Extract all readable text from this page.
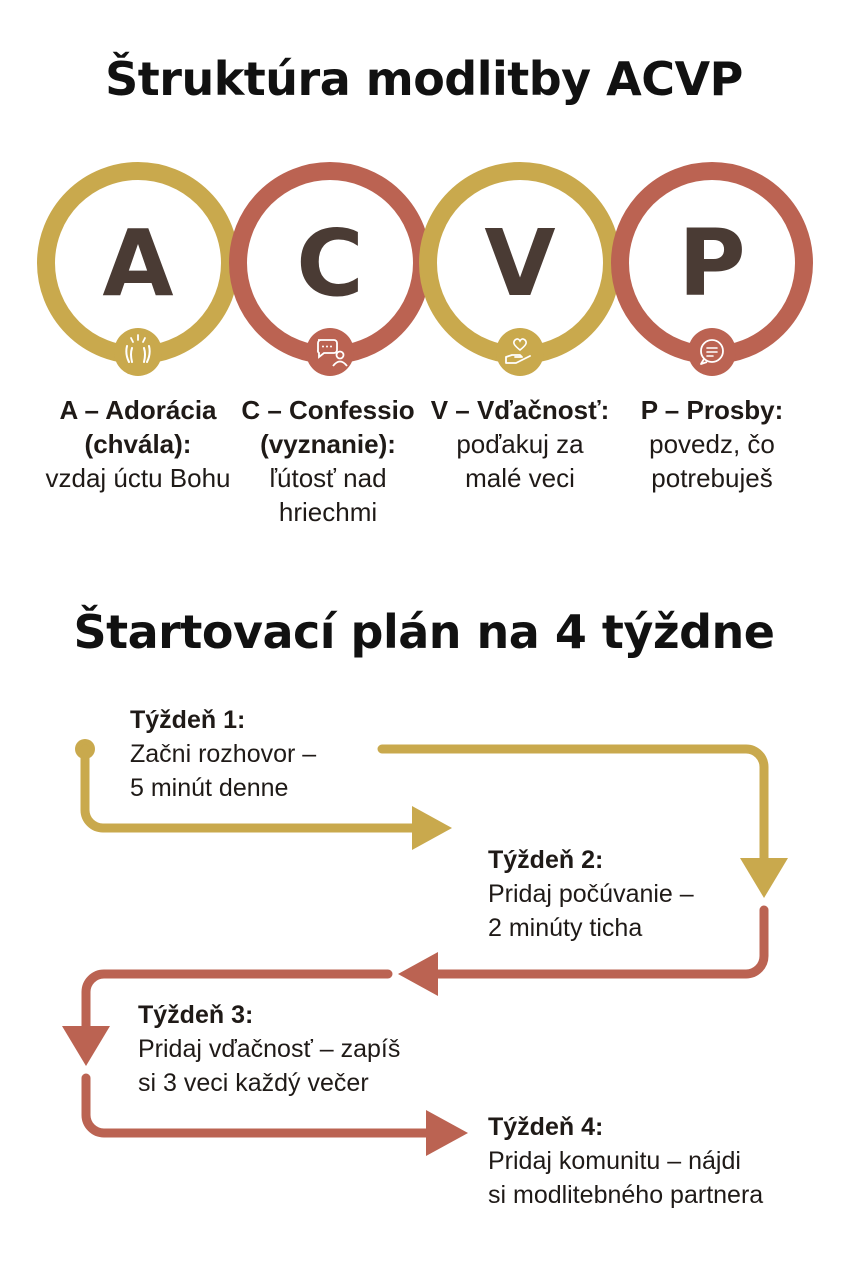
Štruktúra modlitby ACVP
A C V P
A – Adorácia (chvála):
vzdaj úctu Bohu
C – Confessio (vyznanie):
ľútosť nad hriechmi
V – Vďačnosť:
poďakuj za malé veci
P – Prosby:
povedz, čo potrebuješ
Štartovací plán na 4 týždne
Týždeň 1:
Začni rozhovor –
5 minút denne
Týždeň 2:
Pridaj počúvanie –
2 minúty ticha
Týždeň 3:
Pridaj vďačnosť – zapíš
si 3 veci každý večer
Týždeň 4:
Pridaj komunitu – nájdi
si modlitebného partnera
